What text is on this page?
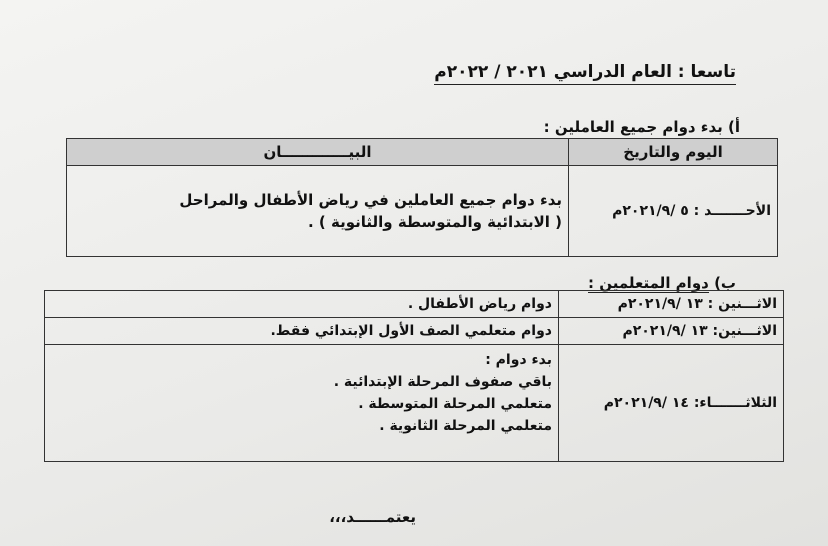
تاسعا : العام الدراسي ٢٠٢١ / ٢٠٢٢م
أ) بدء دوام جميع العاملين :
اليوم والتاريخ	البيـــــــــــــان
الأحـــــــد : ٥ /٢٠٢١/٩م	بدء دوام جميع العاملين في رياض الأطفال والمراحل
( الابتدائية والمتوسطة والثانوية ) .
ب) دوام المتعلمين :
الاثـــنين : ١٣ /٢٠٢١/٩م	دوام رياض الأطفال .
الاثـــنين: ١٣ /٢٠٢١/٩م	دوام متعلمي الصف الأول الإبتدائي فقط.
الثلاثـــــــاء: ١٤ /٢٠٢١/٩م	بدء دوام :
باقي صفوف المرحلة الإبتدائية .
متعلمي المرحلة المتوسطة .
متعلمي المرحلة الثانوية .
يعتمــــــد،،،
